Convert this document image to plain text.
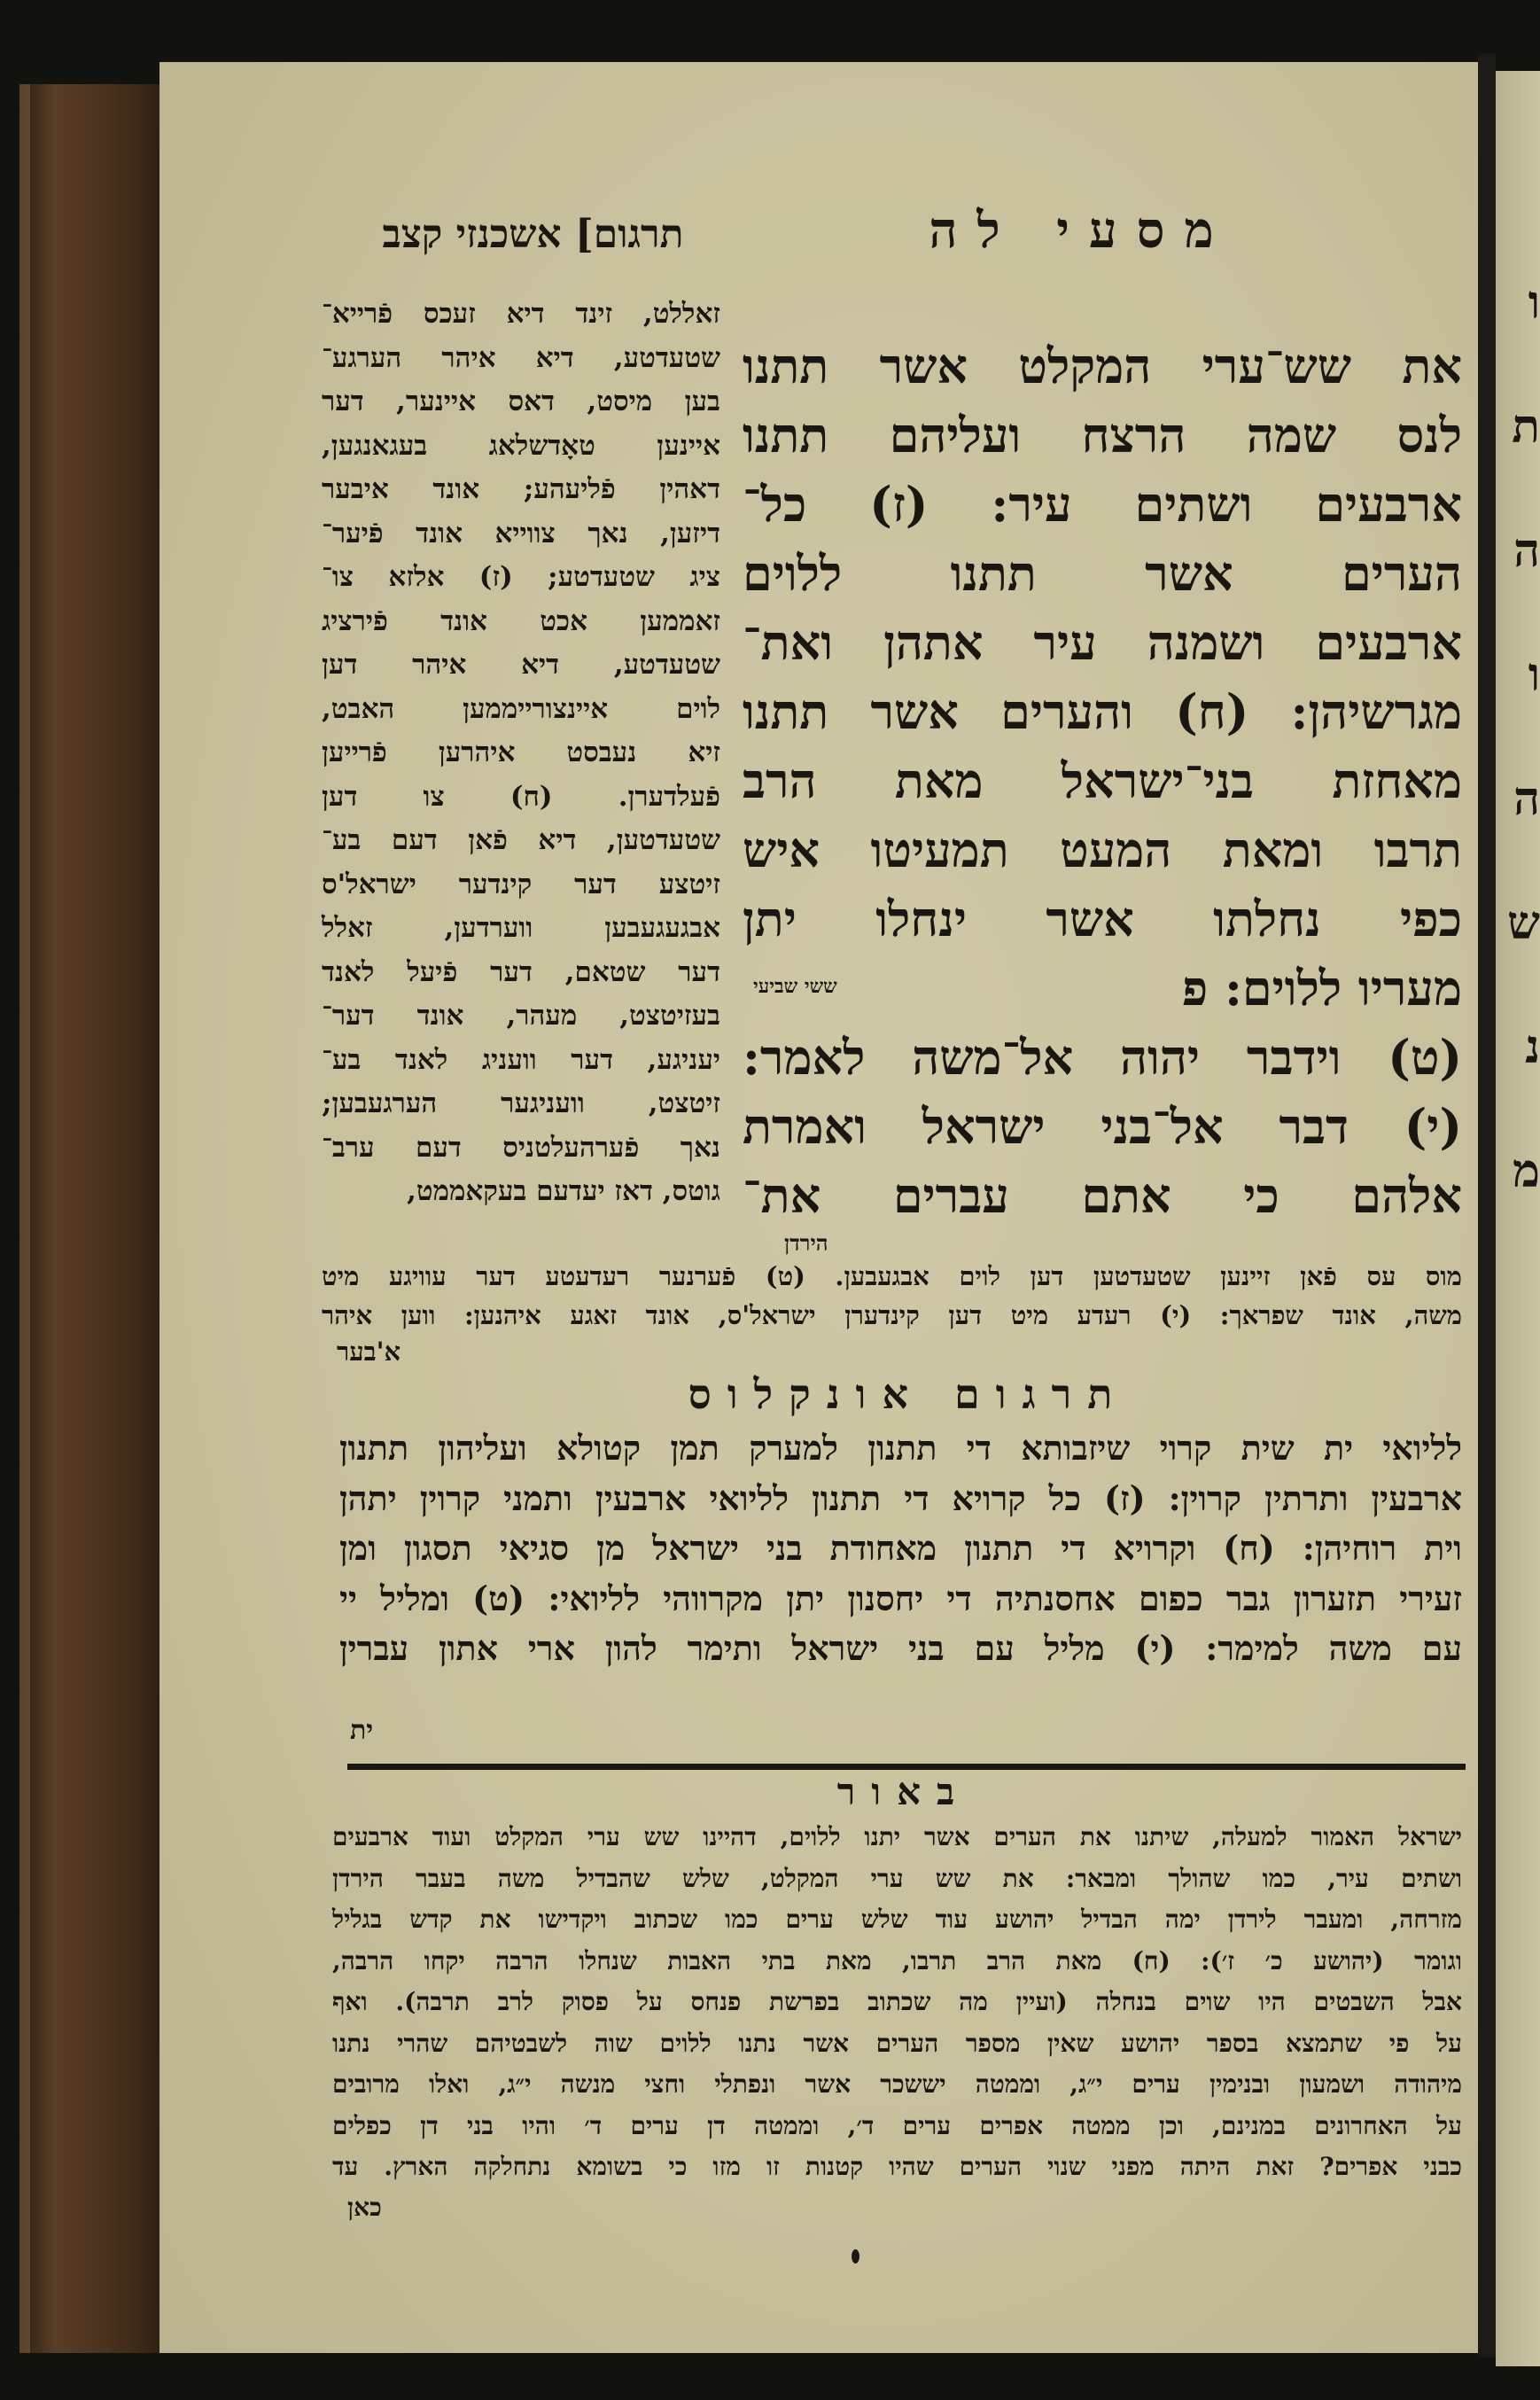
ו
ת
ה
ו
ה
ש
נ
מ
מסעי לה
תרגום] אשכנזי קצב
את שש־ערי המקלט אשר תתנו
לנס שמה הרצח ועליהם תתנו
ארבעים ושתים עיר: (ז) כל־
הערים אשר תתנו ללוים
ארבעים ושמנה עיר אתהן ואת־
מגרשיהן: (ח) והערים אשר תתנו
מאחזת בני־ישראל מאת הרב
תרבו ומאת המעט תמעיטו איש
כפי נחלתו אשר ינחלו יתן
מעריו ללוים: פ
(ט) וידבר יהוה אל־משה לאמר:
(י) דבר אל־בני ישראל ואמרת
אלהם כי אתם עברים את־
ששי שביעי
הירדן
זאללט, זינד דיא זעכס פֿרייא־
שטעדטע, דיא איהר הערגע־
בען מיסט, דאס איינער, דער
איינען טאָדשלאג בעגאנגען,
דאהין פֿליעהע; אונד איבער
דיזען, נאך צווייא אונד פֿיער־
ציג שטעדטע; (ז) אלזא צו־
זאממען אכט אונד פֿירציג
שטעדטע, דיא איהר דען
לוים איינצורייממען האבט,
זיא נעבסט איהרען פֿרייען
פֿעלדערן. (ח) צו דען
שטעדטען, דיא פֿאן דעם בע־
זיטצע דער קינדער ישראל'ס
אבגעגעבען ווערדען, זאלל
דער שטאם, דער פֿיעל לאנד
בעזיטצט, מעהר, אונד דער־
יעניגע, דער וועניג לאנד בע־
זיטצט, וועניגער הערגעבען;
נאך פֿערהעלטניס דעם ערב־
גוטס, דאז יעדעם בעקאממט,
מוס עס פֿאן זיינען שטעדטען דען לוים אבגעבען. (ט) פֿערנער רעדעטע דער עוויגע מיט
משה, אונד שפראך: (י) רעדע מיט דען קינדערן ישראל'ס, אונד זאגע איהנען: ווען איהר
א'בער
תרגום אונקלוס
לליואי ית שית קרוי שיזבותא די תתנון למערק תמן קטולא ועליהון תתנון
ארבעין ותרתין קרוין: (ז) כל קרויא די תתנון לליואי ארבעין ותמני קרוין יתהן
וית רוחיהן: (ח) וקרויא די תתנון מאחודת בני ישראל מן סגיאי תסגון ומן
זעירי תזערון גבר כפום אחסנתיה די יחסנון יתן מקרווהי לליואי: (ט) ומליל יי
עם משה למימר: (י) מליל עם בני ישראל ותימר להון ארי אתון עברין
ית
באור
ישראל האמור למעלה, שיתנו את הערים אשר יתנו ללוים, דהיינו שש ערי המקלט ועוד ארבעים
ושתים עיר, כמו שהולך ומבאר: את שש ערי המקלט, שלש שהבדיל משה בעבר הירדן
מזרחה, ומעבר לירדן ימה הבדיל יהושע עוד שלש ערים כמו שכתוב ויקדישו את קדש בגליל
וגומר (יהושע כ׳ ז׳): (ח) מאת הרב תרבו, מאת בתי האבות שנחלו הרבה יקחו הרבה,
אבל השבטים היו שוים בנחלה (ועיין מה שכתוב בפרשת פנחס על פסוק לרב תרבה). ואף
על פי שתמצא בספר יהושע שאין מספר הערים אשר נתנו ללוים שוה לשבטיהם שהרי נתנו
מיהודה ושמעון ובנימין ערים י״ג, וממטה יששכר אשר ונפתלי וחצי מנשה י״ג, ואלו מרובים
על האחרונים במנינם, וכן ממטה אפרים ערים ד׳, וממטה דן ערים ד׳ והיו בני דן כפלים
כבני אפרים? זאת היתה מפני שנוי הערים שהיו קטנות זו מזו כי בשומא נתחלקה הארץ. עד
כאן
